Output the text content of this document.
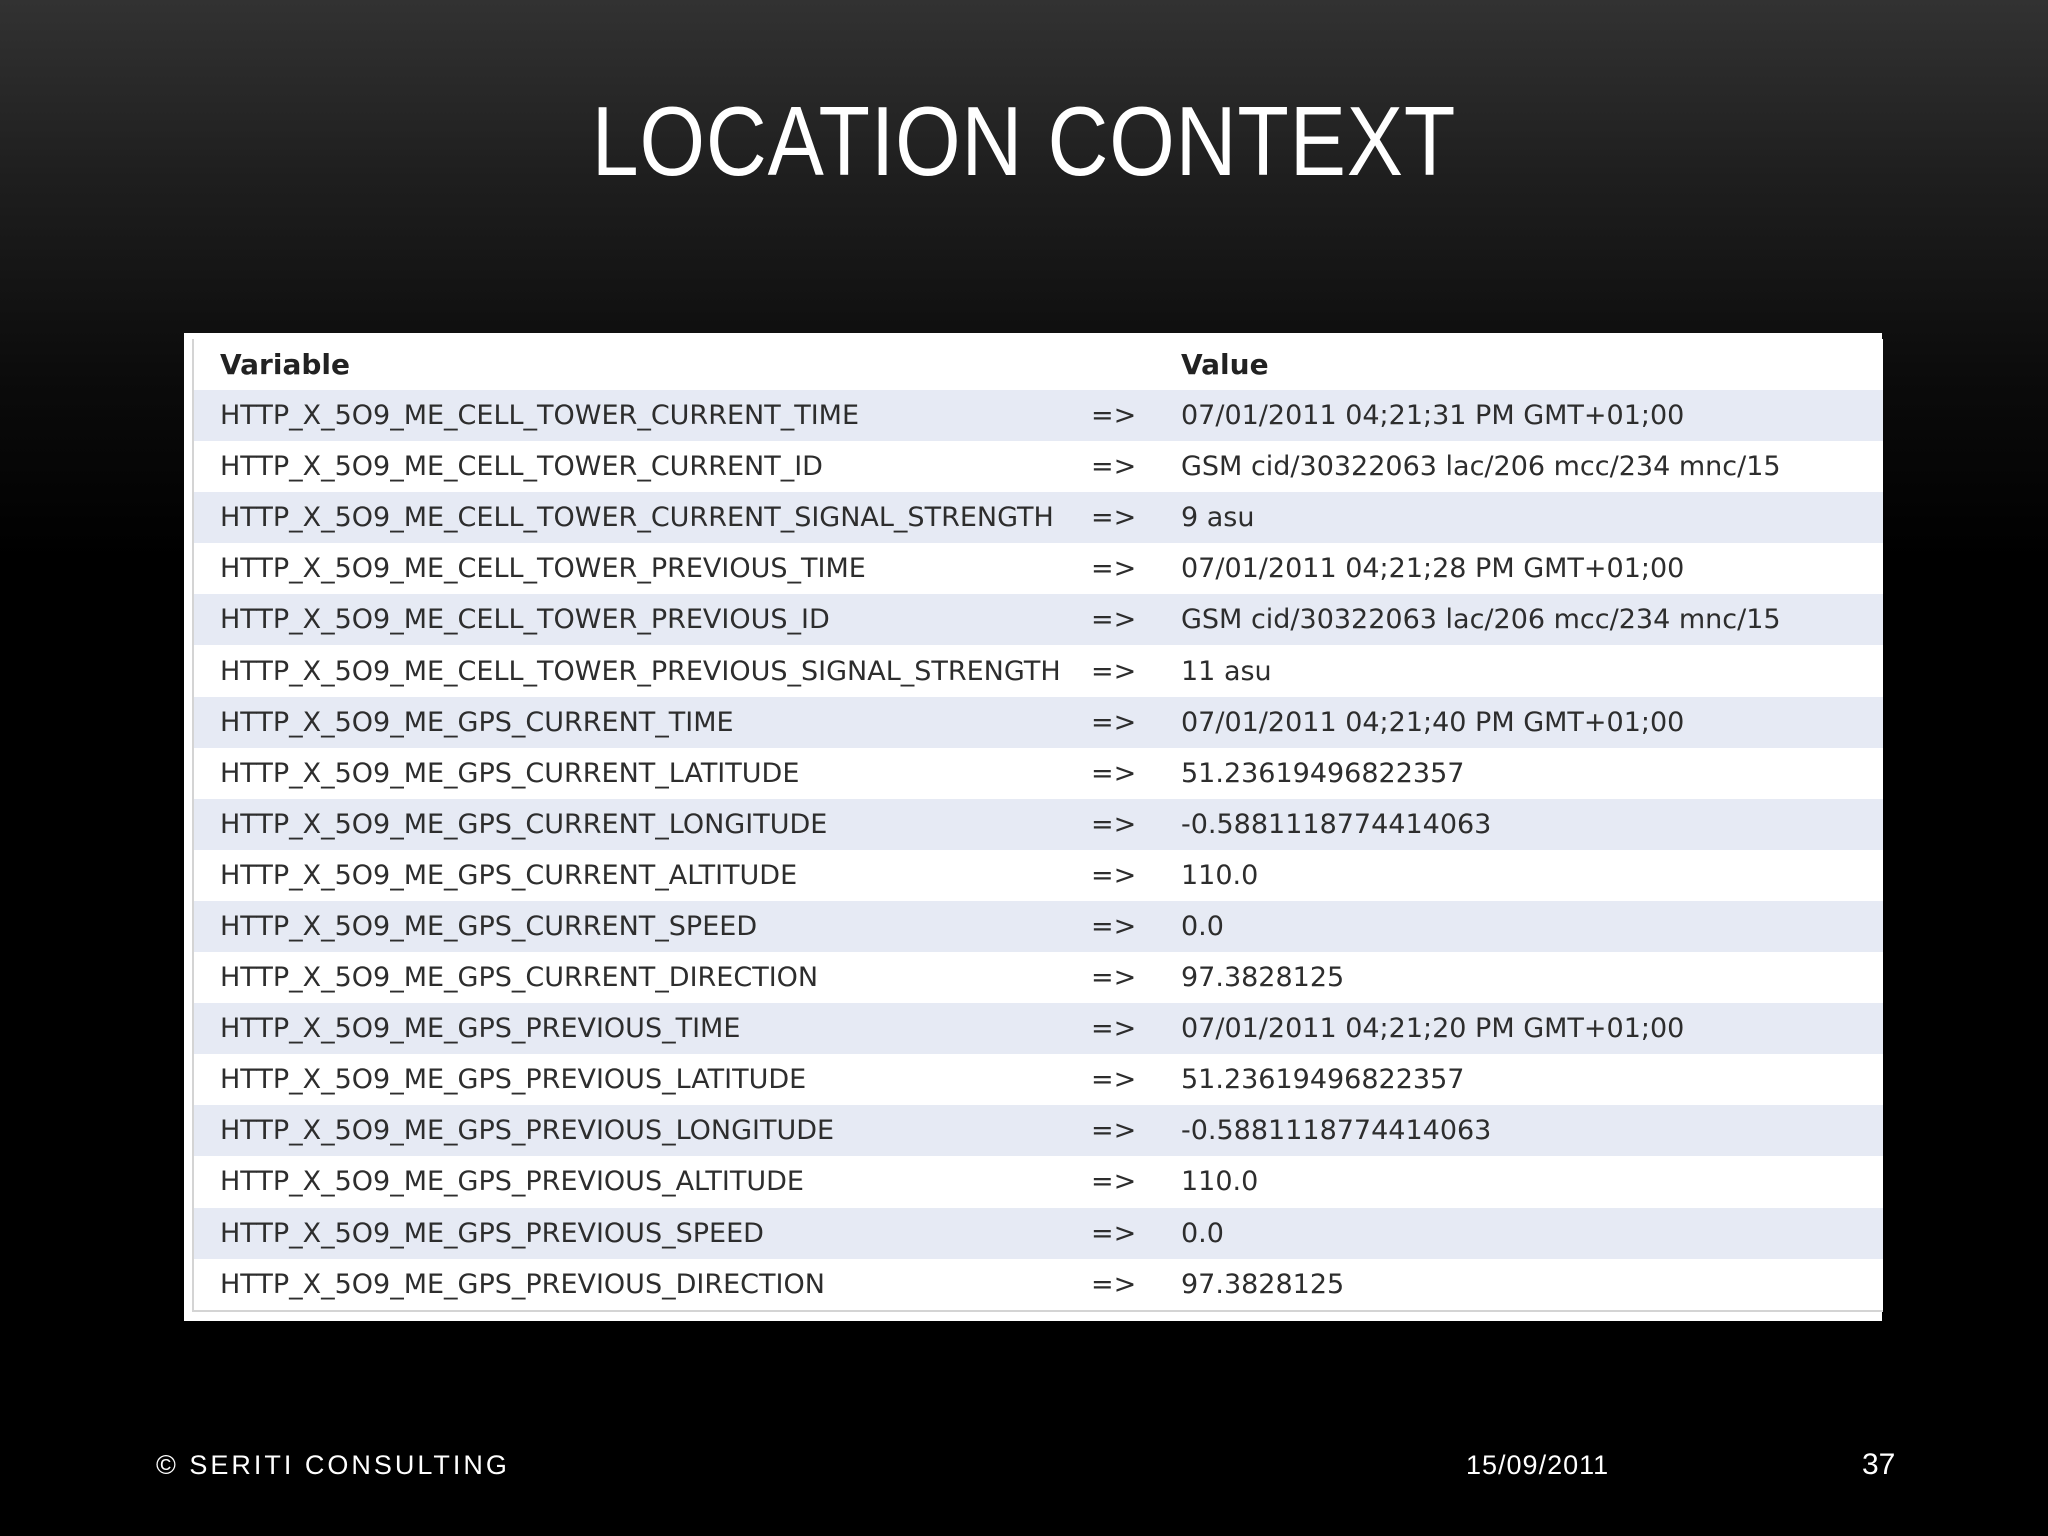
LOCATION CONTEXT
Variable		Value
HTTP_X_5O9_ME_CELL_TOWER_CURRENT_TIME	=>	07/01/2011 04;21;31 PM GMT+01;00
HTTP_X_5O9_ME_CELL_TOWER_CURRENT_ID	=>	GSM cid/30322063 lac/206 mcc/234 mnc/15
HTTP_X_5O9_ME_CELL_TOWER_CURRENT_SIGNAL_STRENGTH	=>	9 asu
HTTP_X_5O9_ME_CELL_TOWER_PREVIOUS_TIME	=>	07/01/2011 04;21;28 PM GMT+01;00
HTTP_X_5O9_ME_CELL_TOWER_PREVIOUS_ID	=>	GSM cid/30322063 lac/206 mcc/234 mnc/15
HTTP_X_5O9_ME_CELL_TOWER_PREVIOUS_SIGNAL_STRENGTH	=>	11 asu
HTTP_X_5O9_ME_GPS_CURRENT_TIME	=>	07/01/2011 04;21;40 PM GMT+01;00
HTTP_X_5O9_ME_GPS_CURRENT_LATITUDE	=>	51.23619496822357
HTTP_X_5O9_ME_GPS_CURRENT_LONGITUDE	=>	-0.5881118774414063
HTTP_X_5O9_ME_GPS_CURRENT_ALTITUDE	=>	110.0
HTTP_X_5O9_ME_GPS_CURRENT_SPEED	=>	0.0
HTTP_X_5O9_ME_GPS_CURRENT_DIRECTION	=>	97.3828125
HTTP_X_5O9_ME_GPS_PREVIOUS_TIME	=>	07/01/2011 04;21;20 PM GMT+01;00
HTTP_X_5O9_ME_GPS_PREVIOUS_LATITUDE	=>	51.23619496822357
HTTP_X_5O9_ME_GPS_PREVIOUS_LONGITUDE	=>	-0.5881118774414063
HTTP_X_5O9_ME_GPS_PREVIOUS_ALTITUDE	=>	110.0
HTTP_X_5O9_ME_GPS_PREVIOUS_SPEED	=>	0.0
HTTP_X_5O9_ME_GPS_PREVIOUS_DIRECTION	=>	97.3828125
© SERITI CONSULTING	15/09/2011	37
